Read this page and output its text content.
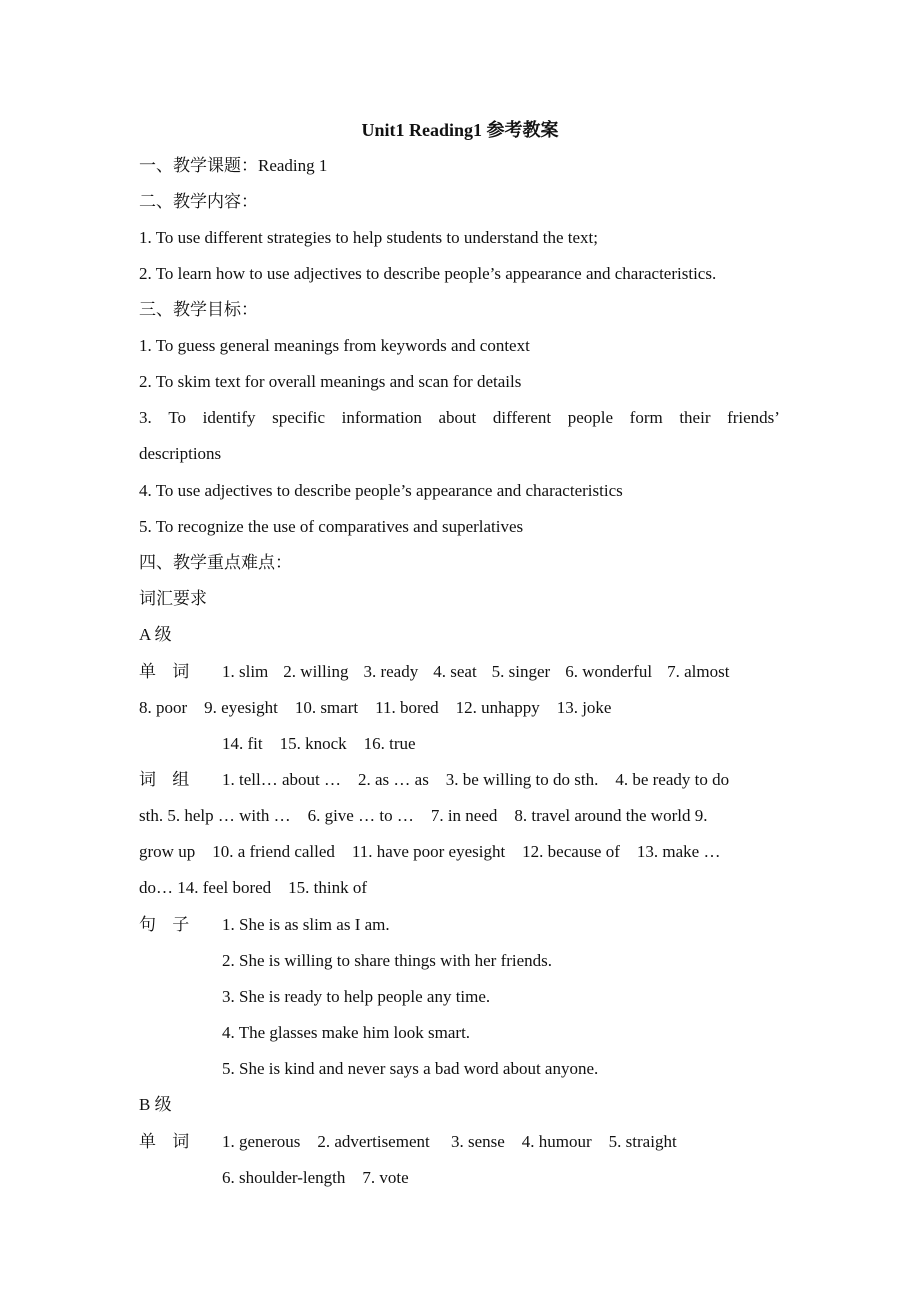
Unit1 Reading1 参考教案
一、教学课题：Reading 1
二、教学内容：
1. To use different strategies to help students to understand the text;
2. To learn how to use adjectives to describe people’s appearance and characteristics.
三、教学目标：
1. To guess general meanings from keywords and context
2. To skim text for overall meanings and scan for details
3. To identify specific information about different people form their friends’
descriptions
4. To use adjectives to describe people’s appearance and characteristics
5. To recognize the use of comparatives and superlatives
四、教学重点难点：
词汇要求
A 级
单 词 1. slim 2. willing 3. ready 4. seat 5. singer 6. wonderful 7. almost
8. poor    9. eyesight    10. smart    11. bored    12. unhappy    13. joke
14. fit    15. knock    16. true
词 组 1. tell… about …    2. as … as    3. be willing to do sth.    4. be ready to do
sth. 5. help … with …    6. give … to …    7. in need    8. travel around the world 9.
grow up    10. a friend called    11. have poor eyesight    12. because of    13. make …
do… 14. feel bored    15. think of
句 子 1. She is as slim as I am.
2. She is willing to share things with her friends.
3. She is ready to help people any time.
4. The glasses make him look smart.
5. She is kind and never says a bad word about anyone.
B 级
单 词 1. generous    2. advertisement     3. sense    4. humour    5. straight
6. shoulder-length    7. vote
